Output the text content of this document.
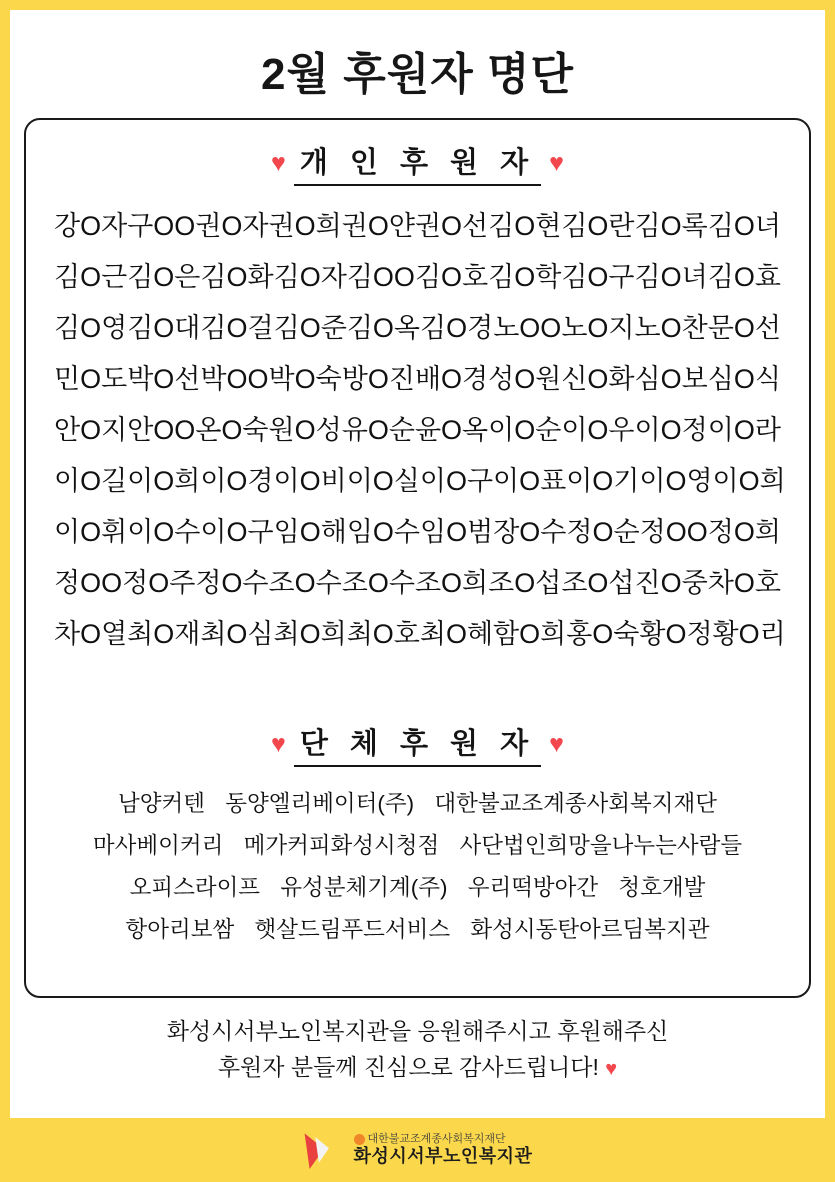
2월 후원자 명단
♥ 개 인 후 원 자 ♥
강O자 구OO 권O자 권O희 권O얀 권O선 김O현 김O란 김O록 김O녀
김O근 김O은 김O화 김O자 김OO 김O호 김O학 김O구 김O녀 김O효
김O영 김O대 김O걸 김O준 김O옥 김O경 노OO 노O지 노O찬 문O선
민O도 박O선 박OO 박O숙 방O진 배O경 성O원 신O화 심O보 심O식
안O지 안OO 온O숙 원O성 유O순 윤O옥 이O순 이O우 이O정 이O라
이O길 이O희 이O경 이O비 이O실 이O구 이O표 이O기 이O영 이O희
이O휘 이O수 이O구 임O해 임O수 임O범 장O수 정O순 정OO 정O희
정OO 정O주 정O수 조O수 조O수 조O희 조O섭 조O섭 진O중 차O호
차O열 최O재 최O심 최O희 최O호 최O혜 함O희 홍O숙 황O정 황O리
♥ 단 체 후 원 자 ♥
남양커텐 동양엘리베이터(주) 대한불교조계종사회복지재단
마사베이커리 메가커피화성시청점 사단법인희망을나누는사람들
오피스라이프 유성분체기계(주) 우리떡방아간 청호개발
항아리보쌈 햇살드림푸드서비스 화성시동탄아르딤복지관
화성시서부노인복지관을 응원해주시고 후원해주신
후원자 분들께 진심으로 감사드립니다! ♥
대한불교조계종사회복지재단
화성시서부노인복지관
